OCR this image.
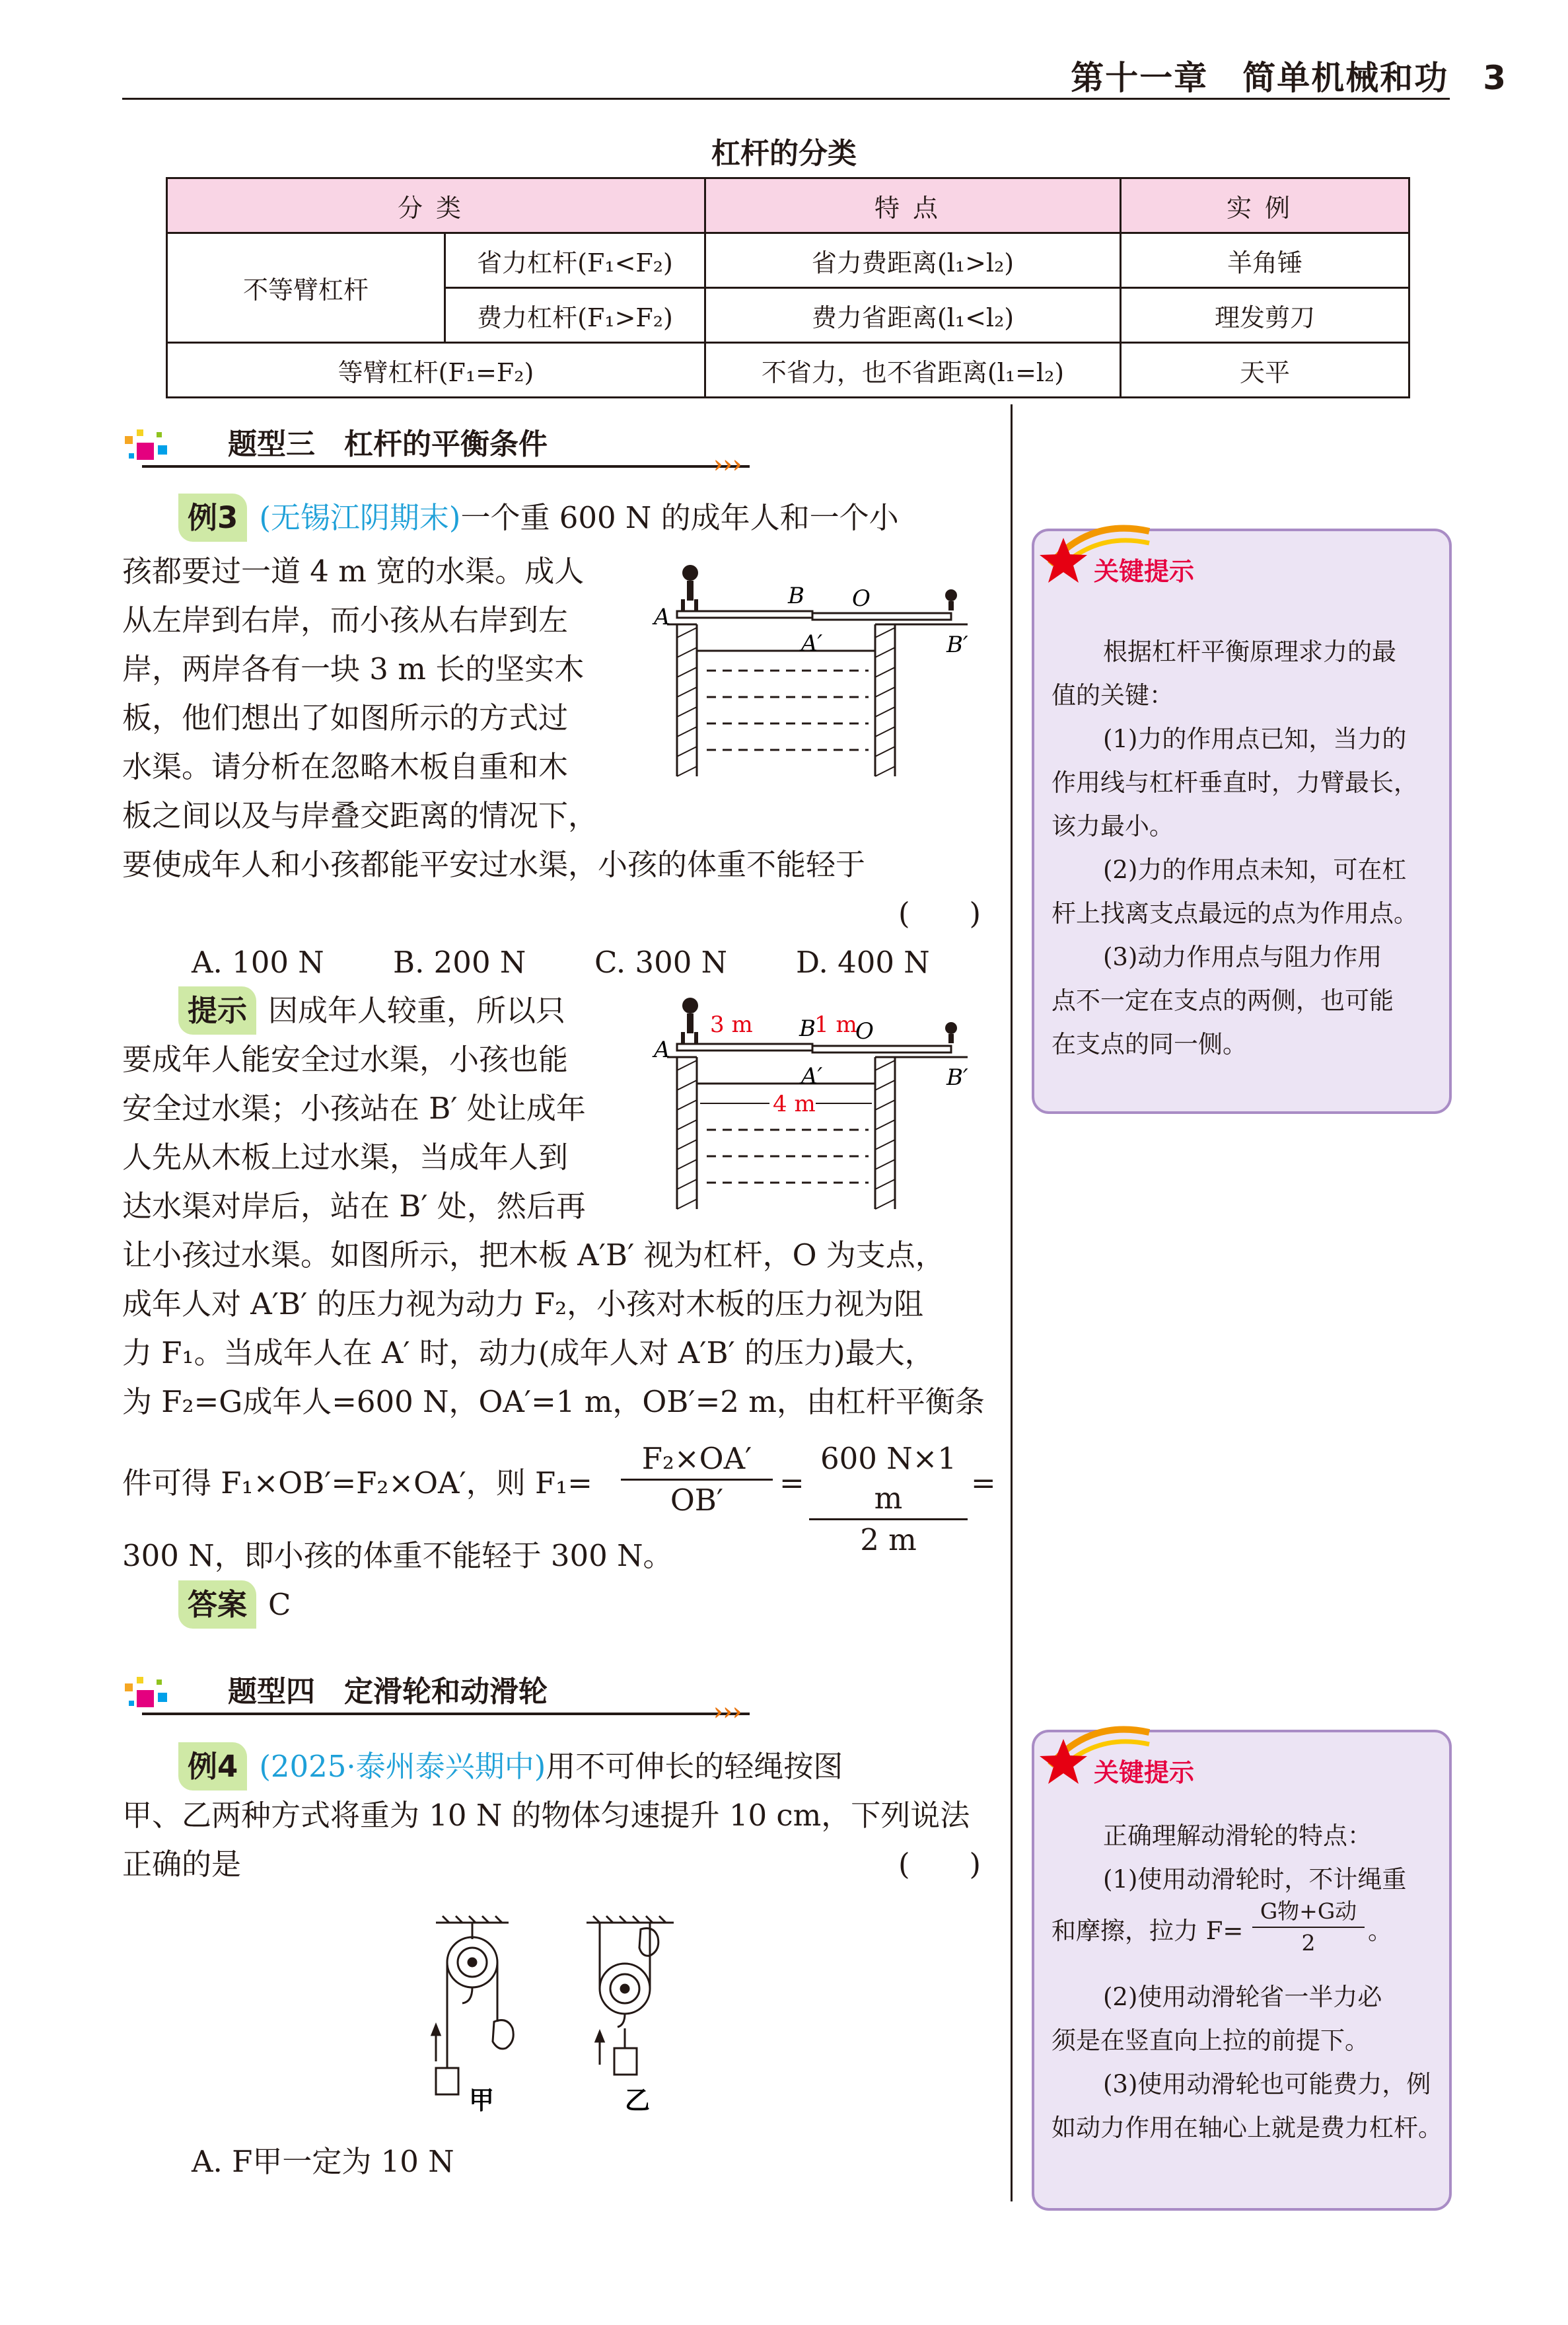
第十一章　简单机械和功　3
杠杆的分类
分类		特点	实例
不等臂杠杆	省力杠杆(F₁<F₂)	省力费距离(l₁>l₂)	羊角锤
	费力杠杆(F₁>F₂)	费力省距离(l₁<l₂)	理发剪刀
等臂杠杆(F₁=F₂)		不省力，也不省距离(l₁=l₂)	天平
题型三　杠杆的平衡条件
›››
例3 (无锡江阴期末)一个重 600 N 的成年人和一个小
孩都要过一道 4 m 宽的水渠。成人
从左岸到右岸，而小孩从右岸到左
岸，两岸各有一块 3 m 长的坚实木
板，他们想出了如图所示的方式过
水渠。请分析在忽略木板自重和木
板之间以及与岸叠交距离的情况下，
要使成年人和小孩都能平安过水渠，小孩的体重不能轻于
(　　)
A. 100 N B. 200 N C. 300 N D. 400 N
A
B O
A′	B′
提示 因成年人较重，所以只
要成年人能安全过水渠，小孩也能
安全过水渠；小孩站在 B′ 处让成年
人先从木板上过水渠，当成年人到
达水渠对岸后，站在 B′ 处，然后再
让小孩过水渠。如图所示，把木板 A′B′ 视为杠杆，O 为支点，
成年人对 A′B′ 的压力视为动力 F₂，小孩对木板的压力视为阻
力 F₁。当成年人在 A′ 时，动力(成年人对 A′B′ 的压力)最大，
为 F₂=G成年人=600 N，OA′=1 m，OB′=2 m，由杠杆平衡条
件可得 F₁×OB′=F₂×OA′，则 $F_1= \frac{\text{F₂×OA′}}{OB'} = \frac{600 N\times 1 m}{2 m}$ =
300 N，即小孩的体重不能轻于 300 N。
答案 C
A
3 m B
1 m
O
A′
4 m
B′
关键提示
根据杠杆平衡原理求力的最
值的关键：
(1)力的作用点已知，当力的
作用线与杠杆垂直时，力臂最长，
该力最小。
(2)力的作用点未知，可在杠
杆上找离支点最远的点为作用点。
(3)动力作用点与阻力作用
点不一定在支点的两侧，也可能
在支点的同一侧。
题型四　定滑轮和动滑轮
›››
例4 (2025·泰州泰兴期中)用不可伸长的轻绳按图
甲、乙两种方式将重为 10 N 的物体匀速提升 10 cm，下列说法
正确的是	(　　)
甲	乙
A. F甲一定为 10 N
关键提示
正确理解动滑轮的特点：
(1)使用动滑轮时，不计绳重
和摩擦，拉力 F=
G物+G动
2	。
(2)使用动滑轮省一半力必
须是在竖直向上拉的前提下。
(3)使用动滑轮也可能费力，例
如动力作用在轴心上就是费力杠杆。
